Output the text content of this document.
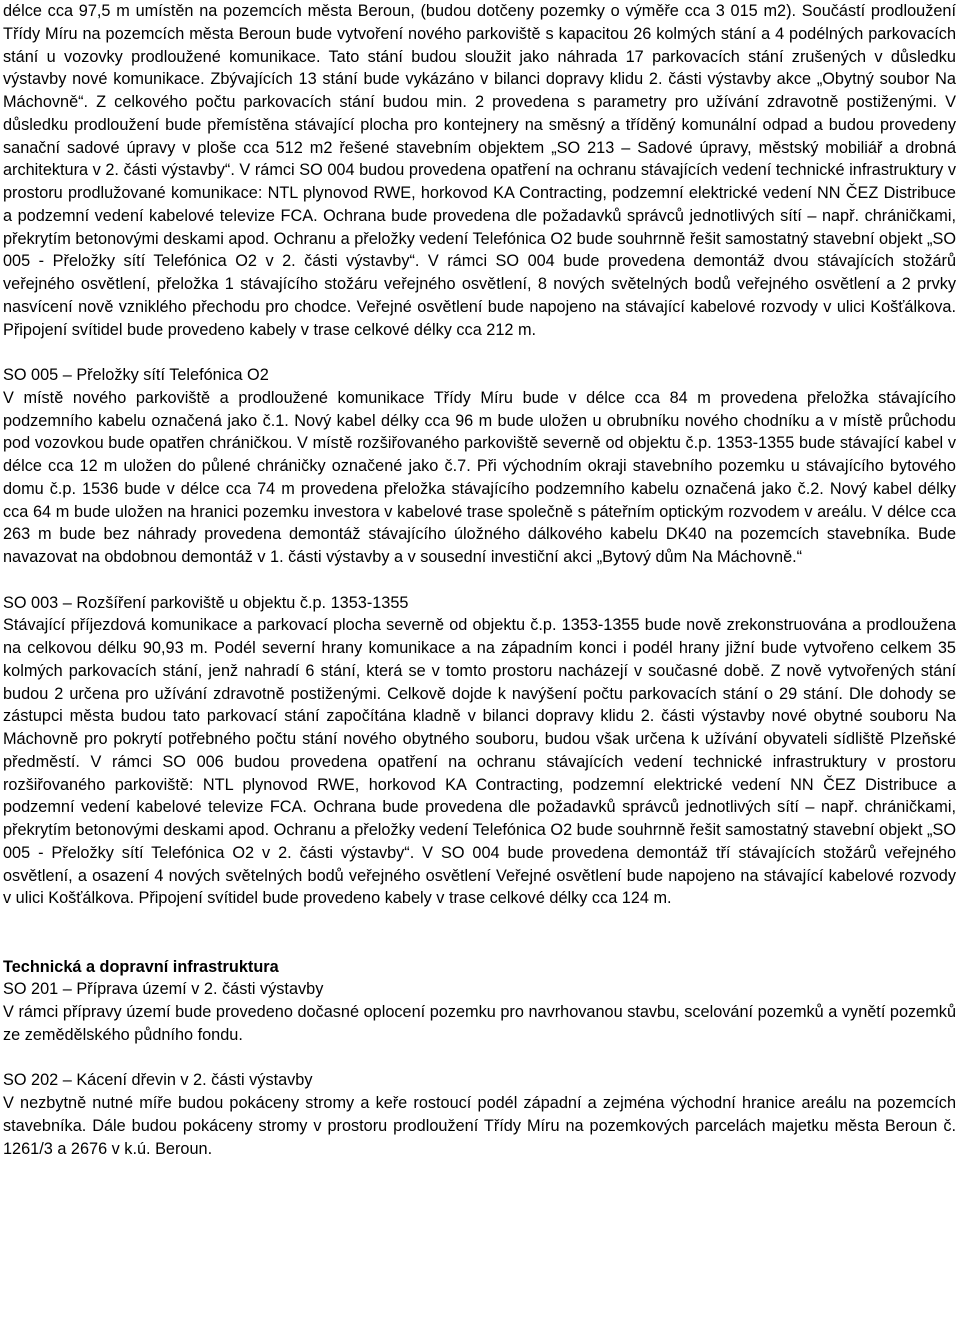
délce cca 97,5 m umístěn na pozemcích města Beroun, (budou dotčeny pozemky o výměře cca 3 015 m2). Součástí prodloužení Třídy Míru na pozemcích města Beroun bude vytvoření nového parkoviště s kapacitou 26 kolmých stání a 4 podélných parkovacích stání u vozovky prodloužené komunikace. Tato stání budou sloužit jako náhrada 17 parkovacích stání zrušených v důsledku výstavby nové komunikace. Zbývajících 13 stání bude vykázáno v bilanci dopravy klidu 2. části výstavby akce „Obytný soubor Na Máchovně“. Z celkového počtu parkovacích stání budou min. 2 provedena s parametry pro užívání zdravotně postiženými. V důsledku prodloužení bude přemístěna stávající plocha pro kontejnery na směsný a tříděný komunální odpad a budou provedeny sanační sadové úpravy v ploše cca 512 m2 řešené stavebním objektem „SO 213 – Sadové úpravy, městský mobiliář a drobná architektura v 2. části výstavby“. V rámci SO 004 budou provedena opatření na ochranu stávajících vedení technické infrastruktury v prostoru prodlužované komunikace: NTL plynovod RWE, horkovod KA Contracting, podzemní elektrické vedení NN ČEZ Distribuce a podzemní vedení kabelové televize FCA. Ochrana bude provedena dle požadavků správců jednotlivých sítí – např. chráničkami, překrytím betonovými deskami apod. Ochranu a přeložky vedení Telefónica O2 bude souhrnně řešit samostatný stavební objekt „SO 005 - Přeložky sítí Telefónica O2 v 2. části výstavby“. V rámci SO 004 bude provedena demontáž dvou stávajících stožárů veřejného osvětlení, přeložka 1 stávajícího stožáru veřejného osvětlení, 8 nových světelných bodů veřejného osvětlení a 2 prvky nasvícení nově vzniklého přechodu pro chodce. Veřejné osvětlení bude napojeno na stávající kabelové rozvody v ulici Košťálkova. Připojení svítidel bude provedeno kabely v trase celkové délky cca 212 m.

SO 005 – Přeložky sítí Telefónica O2

V místě nového parkoviště a prodloužené komunikace Třídy Míru bude v délce cca 84 m provedena přeložka stávajícího podzemního kabelu označená jako č.1. Nový kabel délky cca 96 m bude uložen u obrubníku nového chodníku a v místě průchodu pod vozovkou bude opatřen chráničkou. V místě rozšiřovaného parkoviště severně od objektu č.p. 1353-1355 bude stávající kabel v délce cca 12 m uložen do půlené chráničky označené jako č.7. Při východním okraji stavebního pozemku u stávajícího bytového domu č.p. 1536 bude v délce cca 74 m provedena přeložka stávajícího podzemního kabelu označená jako č.2. Nový kabel délky cca 64 m bude uložen na hranici pozemku investora v kabelové trase společně s páteřním optickým rozvodem v areálu. V délce cca 263 m bude bez náhrady provedena demontáž stávajícího úložného dálkového kabelu DK40 na pozemcích stavebníka. Bude navazovat na obdobnou demontáž v 1. části výstavby a v sousední investiční akci „Bytový dům Na Máchovně.“

SO 003 – Rozšíření parkoviště u objektu č.p. 1353-1355

Stávající příjezdová komunikace a parkovací plocha severně od objektu č.p. 1353-1355 bude nově zrekonstruována a prodloužena na celkovou délku 90,93 m. Podél severní hrany komunikace a na západním konci i podél hrany jižní bude vytvořeno celkem 35 kolmých parkovacích stání, jenž nahradí 6 stání, která se v tomto prostoru nacházejí v současné době. Z nově vytvořených stání budou 2 určena pro užívání zdravotně postiženými. Celkově dojde k navýšení počtu parkovacích stání o 29 stání. Dle dohody se zástupci města budou tato parkovací stání započítána kladně v bilanci dopravy klidu 2. části výstavby nové obytné souboru Na Máchovně pro pokrytí potřebného počtu stání nového obytného souboru, budou však určena k užívání obyvateli sídliště Plzeňské předměstí. V rámci SO 006 budou provedena opatření na ochranu stávajících vedení technické infrastruktury v prostoru rozšiřovaného parkoviště: NTL plynovod RWE, horkovod KA Contracting, podzemní elektrické vedení NN ČEZ Distribuce a podzemní vedení kabelové televize FCA. Ochrana bude provedena dle požadavků správců jednotlivých sítí – např. chráničkami, překrytím betonovými deskami apod. Ochranu a přeložky vedení Telefónica O2 bude souhrnně řešit samostatný stavební objekt „SO 005 - Přeložky sítí Telefónica O2 v 2. části výstavby“. V SO 004 bude provedena demontáž tří stávajících stožárů veřejného osvětlení, a osazení 4 nových světelných bodů veřejného osvětlení Veřejné osvětlení bude napojeno na stávající kabelové rozvody v ulici Košťálkova. Připojení svítidel bude provedeno kabely v trase celkové délky cca 124 m.

Technická a dopravní infrastruktura

SO 201 – Příprava území v 2. části výstavby

V rámci přípravy území bude provedeno dočasné oplocení pozemku pro navrhovanou stavbu, scelování pozemků a vynětí pozemků ze zemědělského půdního fondu.

SO 202 – Kácení dřevin v 2. části výstavby

V nezbytně nutné míře budou pokáceny stromy a keře rostoucí podél západní a zejména východní hranice areálu na pozemcích stavebníka. Dále budou pokáceny stromy v prostoru prodloužení Třídy Míru na pozemkových parcelách majetku města Beroun č. 1261/3 a 2676 v k.ú. Beroun.
